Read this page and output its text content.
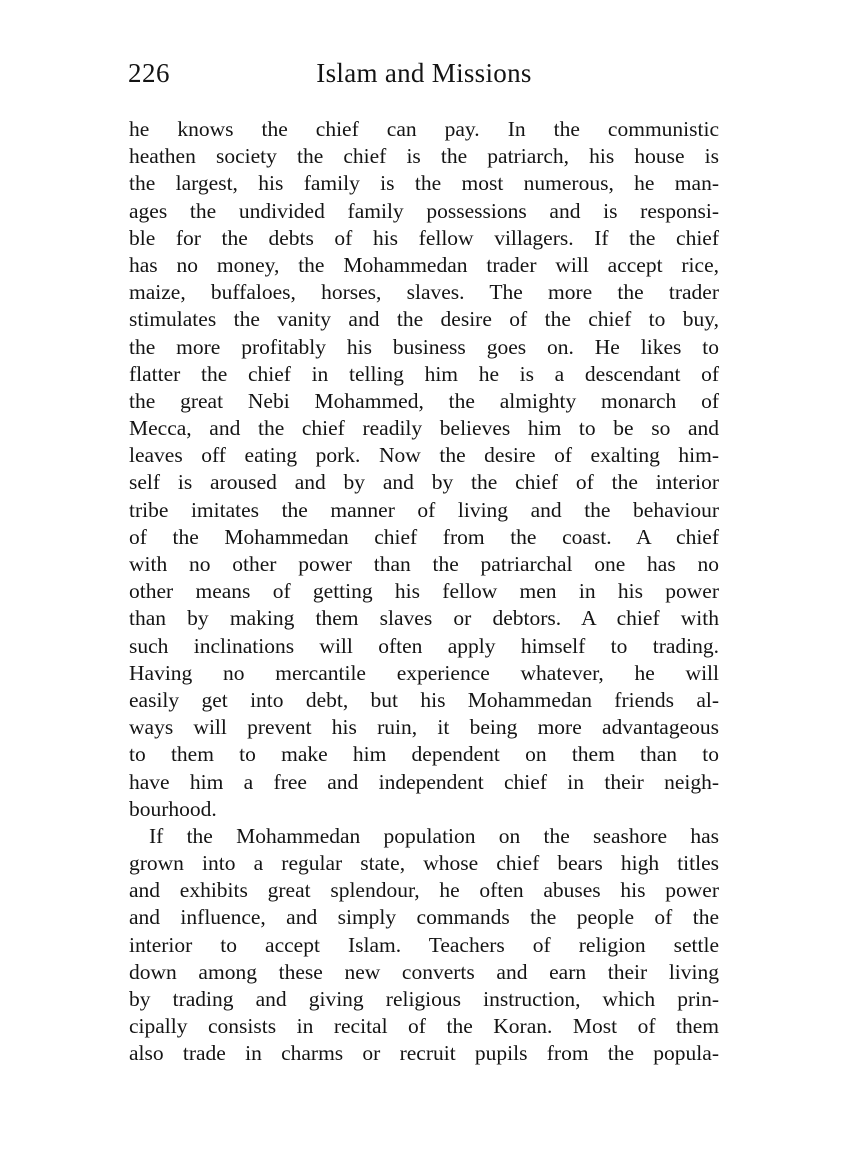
226	Islam and Missions
he knows the chief can pay. In the communistic
heathen society the chief is the patriarch, his house is
the largest, his family is the most numerous, he man-
ages the undivided family possessions and is responsi-
ble for the debts of his fellow villagers. If the chief
has no money, the Mohammedan trader will accept rice,
maize, buffaloes, horses, slaves. The more the trader
stimulates the vanity and the desire of the chief to buy,
the more profitably his business goes on. He likes to
flatter the chief in telling him he is a descendant of
the great Nebi Mohammed, the almighty monarch of
Mecca, and the chief readily believes him to be so and
leaves off eating pork. Now the desire of exalting him-
self is aroused and by and by the chief of the interior
tribe imitates the manner of living and the behaviour
of the Mohammedan chief from the coast. A chief
with no other power than the patriarchal one has no
other means of getting his fellow men in his power
than by making them slaves or debtors. A chief with
such inclinations will often apply himself to trading.
Having no mercantile experience whatever, he will
easily get into debt, but his Mohammedan friends al-
ways will prevent his ruin, it being more advantageous
to them to make him dependent on them than to
have him a free and independent chief in their neigh-
bourhood.
If the Mohammedan population on the seashore has
grown into a regular state, whose chief bears high titles
and exhibits great splendour, he often abuses his power
and influence, and simply commands the people of the
interior to accept Islam. Teachers of religion settle
down among these new converts and earn their living
by trading and giving religious instruction, which prin-
cipally consists in recital of the Koran. Most of them
also trade in charms or recruit pupils from the popula-
